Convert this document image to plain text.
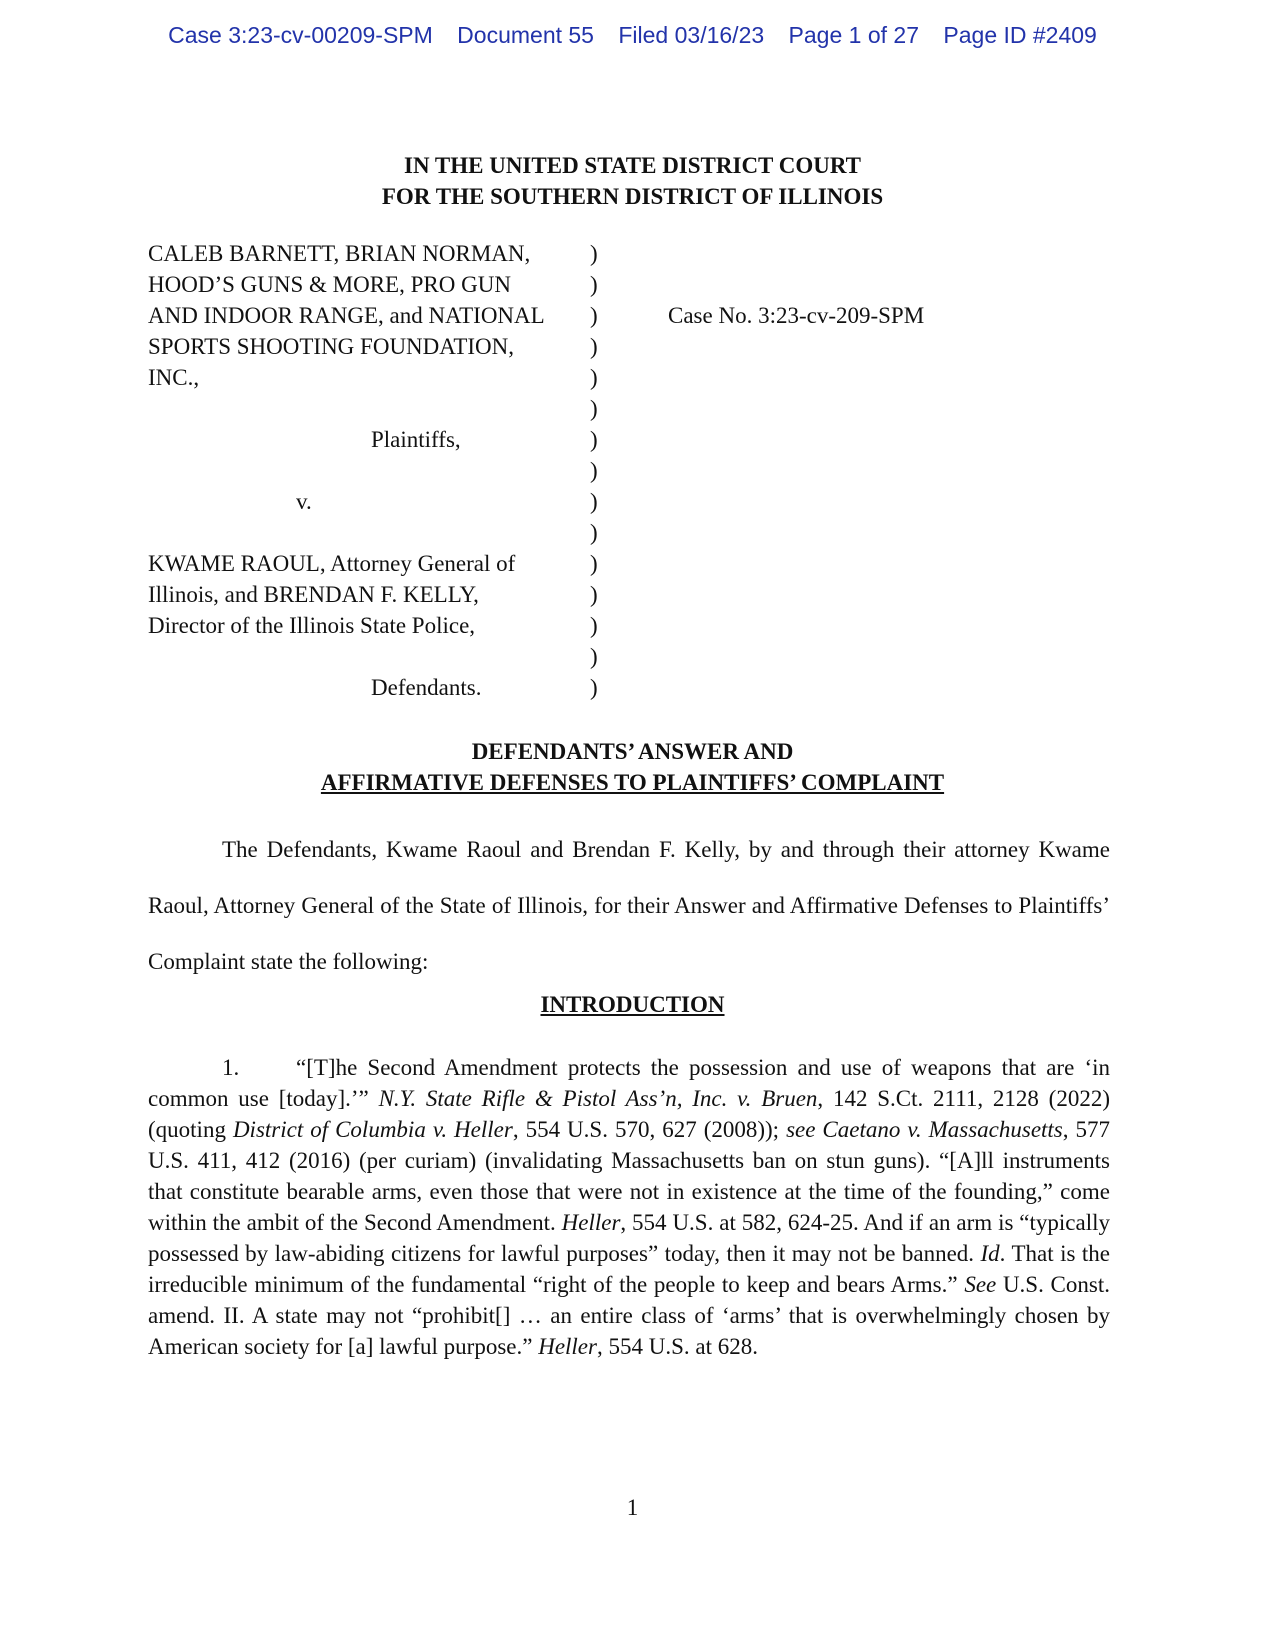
Case 3:23-cv-00209-SPM Document 55 Filed 03/16/23 Page 1 of 27 Page ID #2409
IN THE UNITED STATE DISTRICT COURT
FOR THE SOUTHERN DISTRICT OF ILLINOIS
CALEB BARNETT, BRIAN NORMAN,
HOOD’S GUNS & MORE, PRO GUN
AND INDOOR RANGE, and NATIONAL
SPORTS SHOOTING FOUNDATION,
INC.,
Plaintiffs,
v.
KWAME RAOUL, Attorney General of
Illinois, and BRENDAN F. KELLY,
Director of the Illinois State Police,
Defendants.
)
)
)
)
)
)
)
)
)
)
)
)
)
)
)
Case No. 3:23-cv-209-SPM
DEFENDANTS’ ANSWER AND
AFFIRMATIVE DEFENSES TO PLAINTIFFS’ COMPLAINT
The Defendants, Kwame Raoul and Brendan F. Kelly, by and through their attorney Kwame Raoul, Attorney General of the State of Illinois, for their Answer and Affirmative Defenses to Plaintiffs’ Complaint state the following:
INTRODUCTION
1. “[T]he Second Amendment protects the possession and use of weapons that are ‘in common use [today].’” N.Y. State Rifle & Pistol Ass’n, Inc. v. Bruen, 142 S.Ct. 2111, 2128 (2022) (quoting District of Columbia v. Heller, 554 U.S. 570, 627 (2008)); see Caetano v. Massachusetts, 577 U.S. 411, 412 (2016) (per curiam) (invalidating Massachusetts ban on stun guns). “[A]ll instruments that constitute bearable arms, even those that were not in existence at the time of the founding,” come within the ambit of the Second Amendment. Heller, 554 U.S. at 582, 624-25. And if an arm is “typically possessed by law-abiding citizens for lawful purposes” today, then it may not be banned. Id. That is the irreducible minimum of the fundamental “right of the people to keep and bears Arms.” See U.S. Const. amend. II. A state may not “prohibit[] … an entire class of ‘arms’ that is overwhelmingly chosen by American society for [a] lawful purpose.” Heller, 554 U.S. at 628.
1
